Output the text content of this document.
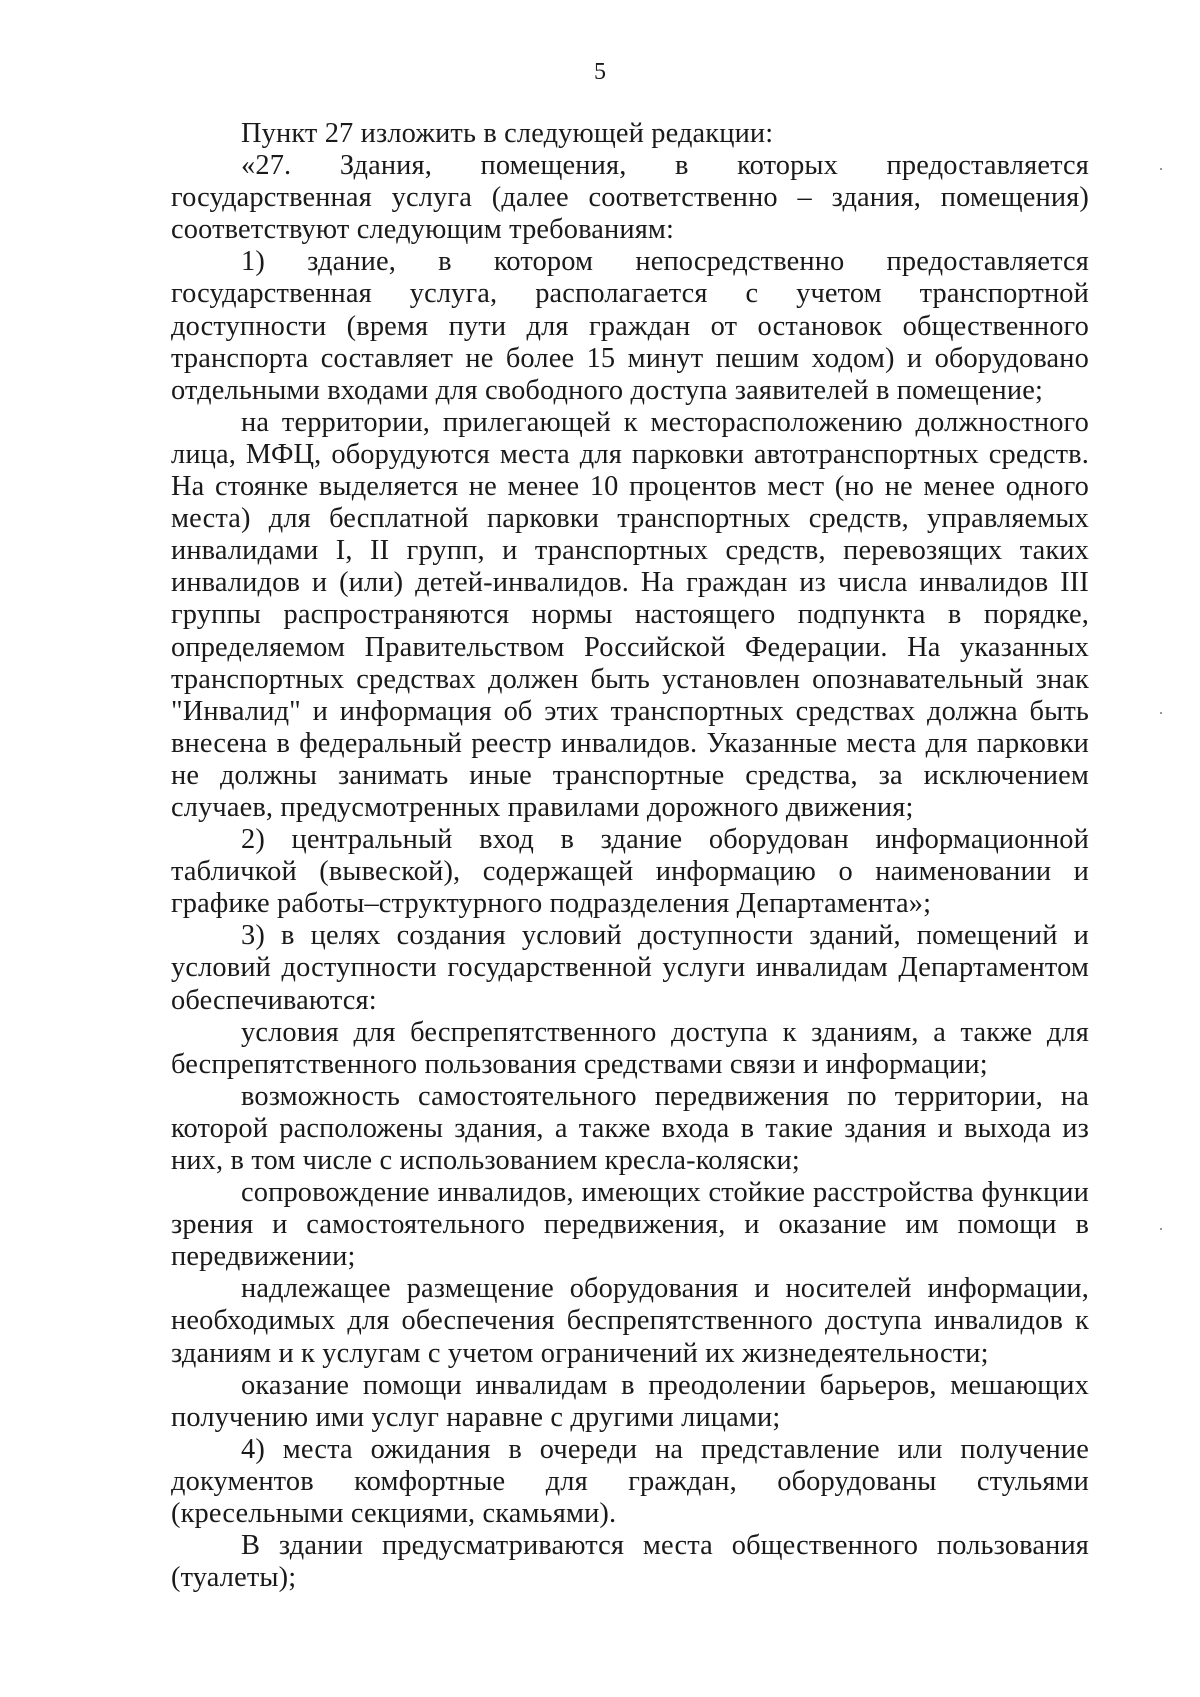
5

Пункт 27 изложить в следующей редакции:

«27. Здания, помещения, в которых предоставляется государственная услуга (далее соответственно – здания, помещения) соответствуют следующим требованиям:

1) здание, в котором непосредственно предоставляется государственная услуга, располагается с учетом транспортной доступности (время пути для граждан от остановок общественного транспорта составляет не более 15 минут пешим ходом) и оборудовано отдельными входами для свободного доступа заявителей в помещение;

на территории, прилегающей к месторасположению должностного лица, МФЦ, оборудуются места для парковки автотранспортных средств. На стоянке выделяется не менее 10 процентов мест (но не менее одного места) для бесплатной парковки транспортных средств, управляемых инвалидами I, II групп, и транспортных средств, перевозящих таких инвалидов и (или) детей-инвалидов. На граждан из числа инвалидов III группы распространяются нормы настоящего подпункта в порядке, определяемом Правительством Российской Федерации. На указанных транспортных средствах должен быть установлен опознавательный знак "Инвалид" и информация об этих транспортных средствах должна быть внесена в федеральный реестр инвалидов. Указанные места для парковки не должны занимать иные транспортные средства, за исключением случаев, предусмотренных правилами дорожного движения;

2) центральный вход в здание оборудован информационной табличкой (вывеской), содержащей информацию о наименовании и графике работы–структурного подразделения Департамента»;

3) в целях создания условий доступности зданий, помещений и условий доступности государственной услуги инвалидам Департаментом обеспечиваются:

условия для беспрепятственного доступа к зданиям, а также для беспрепятственного пользования средствами связи и информации;

возможность самостоятельного передвижения по территории, на которой расположены здания, а также входа в такие здания и выхода из них, в том числе с использованием кресла-коляски;

сопровождение инвалидов, имеющих стойкие расстройства функции зрения и самостоятельного передвижения, и оказание им помощи в передвижении;

надлежащее размещение оборудования и носителей информации, необходимых для обеспечения беспрепятственного доступа инвалидов к зданиям и к услугам с учетом ограничений их жизнедеятельности;

оказание помощи инвалидам в преодолении барьеров, мешающих получению ими услуг наравне с другими лицами;

4) места ожидания в очереди на представление или получение документов комфортные для граждан, оборудованы стульями (кресельными секциями, скамьями).

В здании предусматриваются места общественного пользования (туалеты);
